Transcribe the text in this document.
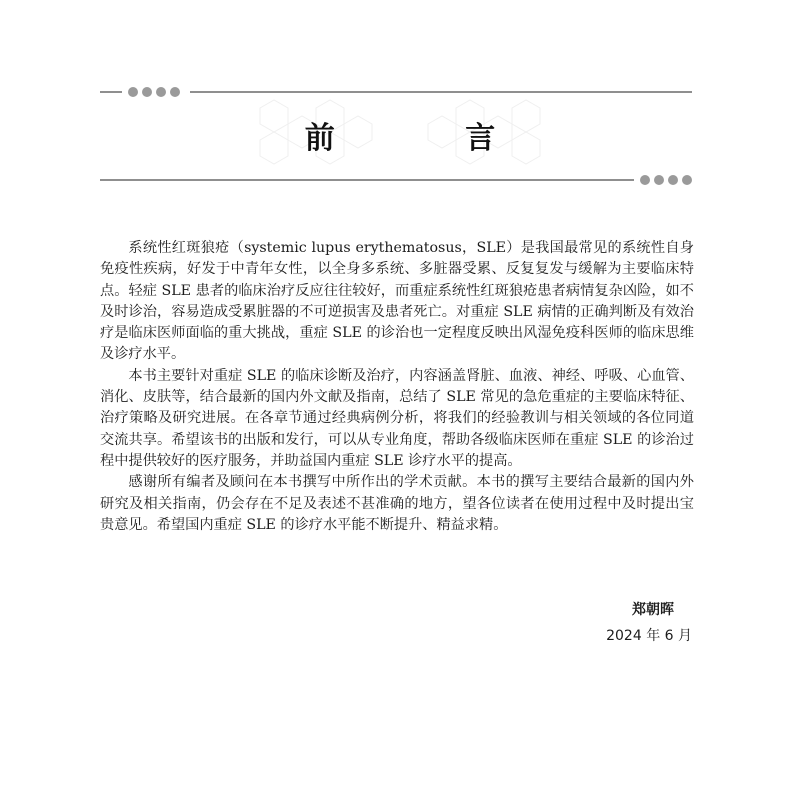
前 言

系统性红斑狼疮（systemic lupus erythematosus，SLE）是我国最常见的系统性自身免疫性疾病，好发于中青年女性，以全身多系统、多脏器受累、反复复发与缓解为主要临床特点。轻症 SLE 患者的临床治疗反应往往较好，而重症系统性红斑狼疮患者病情复杂凶险，如不及时诊治，容易造成受累脏器的不可逆损害及患者死亡。对重症 SLE 病情的正确判断及有效治疗是临床医师面临的重大挑战，重症 SLE 的诊治也一定程度反映出风湿免疫科医师的临床思维及诊疗水平。

本书主要针对重症 SLE 的临床诊断及治疗，内容涵盖肾脏、血液、神经、呼吸、心血管、消化、皮肤等，结合最新的国内外文献及指南，总结了 SLE 常见的急危重症的主要临床特征、治疗策略及研究进展。在各章节通过经典病例分析，将我们的经验教训与相关领域的各位同道交流共享。希望该书的出版和发行，可以从专业角度，帮助各级临床医师在重症 SLE 的诊治过程中提供较好的医疗服务，并助益国内重症 SLE 诊疗水平的提高。

感谢所有编者及顾问在本书撰写中所作出的学术贡献。本书的撰写主要结合最新的国内外研究及相关指南，仍会存在不足及表述不甚准确的地方，望各位读者在使用过程中及时提出宝贵意见。希望国内重症 SLE 的诊疗水平能不断提升、精益求精。

郑朝晖
2024 年 6 月
